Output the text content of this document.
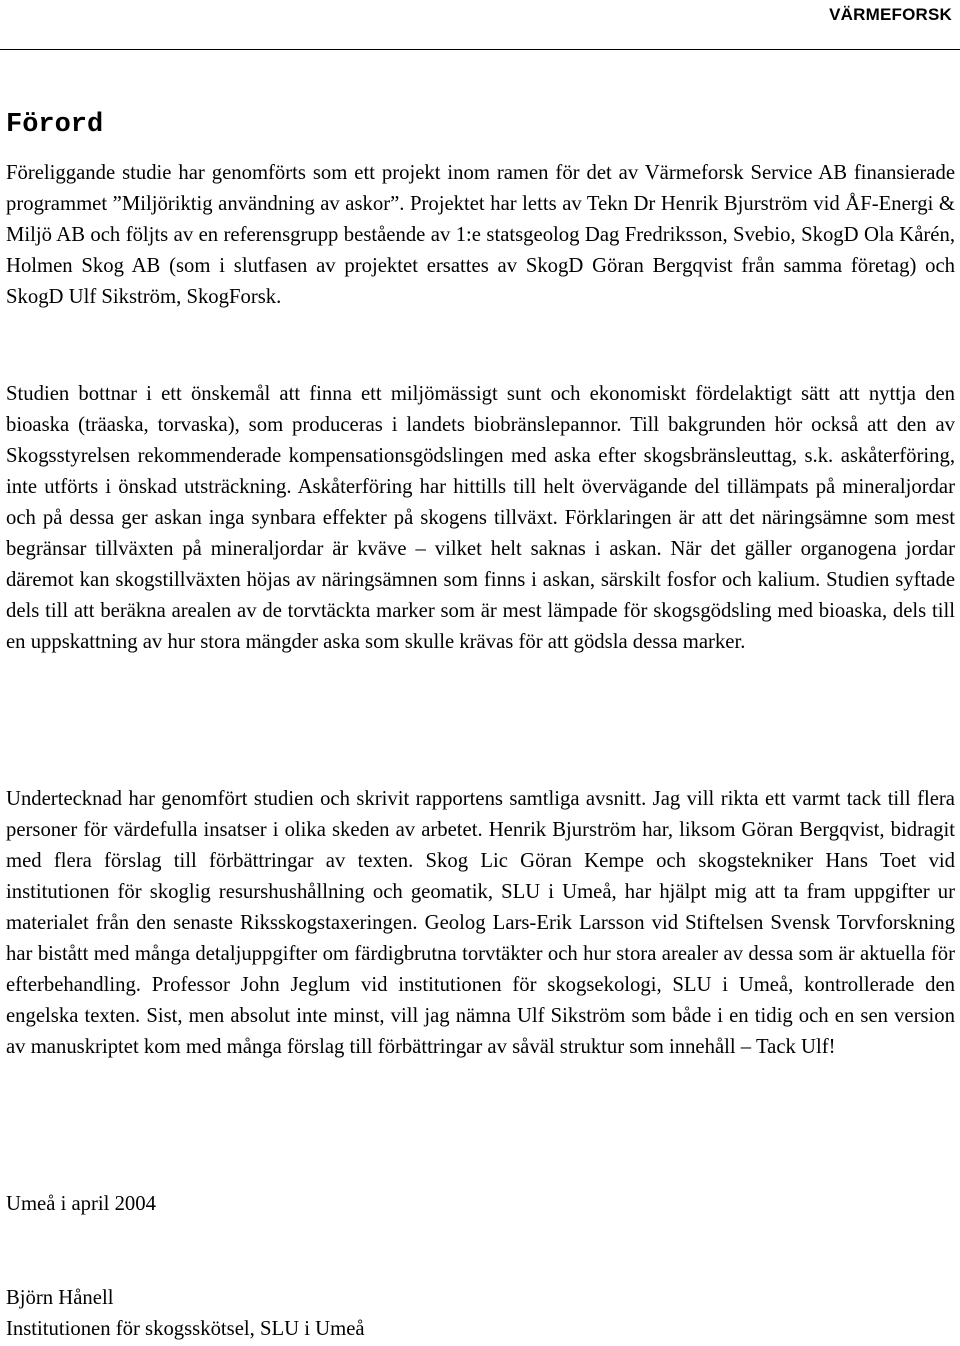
VÄRMEFORSK
Förord

Föreliggande studie har genomförts som ett projekt inom ramen för det av Värmeforsk Service AB finansierade programmet ”Miljöriktig användning av askor”. Projektet har letts av Tekn Dr Henrik Bjurström vid ÅF-Energi & Miljö AB och följts av en referensgrupp bestående av 1:e statsgeolog Dag Fredriksson, Svebio, SkogD Ola Kårén, Holmen Skog AB (som i slutfasen av projektet ersattes av SkogD Göran Bergqvist från samma företag) och SkogD Ulf Sikström, SkogForsk.

Studien bottnar i ett önskemål att finna ett miljömässigt sunt och ekonomiskt fördelaktigt sätt att nyttja den bioaska (träaska, torvaska), som produceras i landets biobränslepannor. Till bakgrunden hör också att den av Skogsstyrelsen rekommenderade kompensationsgödslingen med aska efter skogsbränsleuttag, s.k. askåterföring, inte utförts i önskad utsträckning. Askåterföring har hittills till helt övervägande del tillämpats på mineraljordar och på dessa ger askan inga synbara effekter på skogens tillväxt. Förklaringen är att det näringsämne som mest begränsar tillväxten på mineraljordar är kväve – vilket helt saknas i askan. När det gäller organogena jordar däremot kan skogstillväxten höjas av näringsämnen som finns i askan, särskilt fosfor och kalium. Studien syftade dels till att beräkna arealen av de torvtäckta marker som är mest lämpade för skogsgödsling med bioaska, dels till en uppskattning av hur stora mängder aska som skulle krävas för att gödsla dessa marker.

Undertecknad har genomfört studien och skrivit rapportens samtliga avsnitt. Jag vill rikta ett varmt tack till flera personer för värdefulla insatser i olika skeden av arbetet. Henrik Bjurström har, liksom Göran Bergqvist, bidragit med flera förslag till förbättringar av texten. Skog Lic Göran Kempe och skogstekniker Hans Toet vid institutionen för skoglig resurshushållning och geomatik, SLU i Umeå, har hjälpt mig att ta fram uppgifter ur materialet från den senaste Riksskogstaxeringen. Geolog Lars-Erik Larsson vid Stiftelsen Svensk Torvforskning har bistått med många detaljuppgifter om färdigbrutna torvtäkter och hur stora arealer av dessa som är aktuella för efterbehandling. Professor John Jeglum vid institutionen för skogsekologi, SLU i Umeå, kontrollerade den engelska texten. Sist, men absolut inte minst, vill jag nämna Ulf Sikström som både i en tidig och en sen version av manuskriptet kom med många förslag till förbättringar av såväl struktur som innehåll – Tack Ulf!

Umeå i april 2004

Björn Hånell

Institutionen för skogsskötsel, SLU i Umeå
